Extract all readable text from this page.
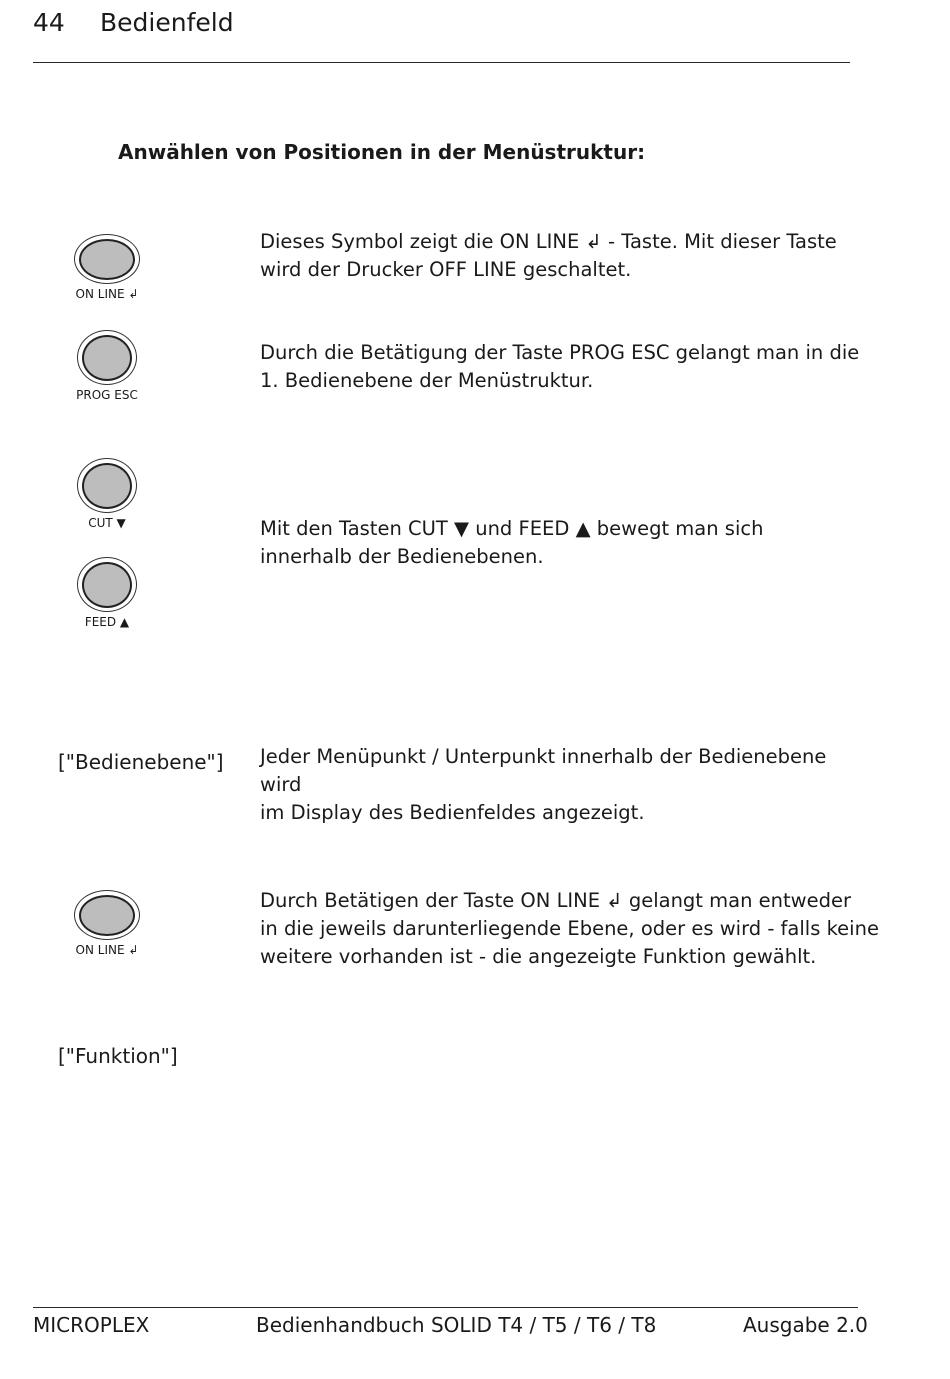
44 Bedienfeld
Anwählen von Positionen in der Menüstruktur:
ON LINE ↲
Dieses Symbol zeigt die ON LINE ↲ - Taste. Mit dieser Taste
wird der Drucker OFF LINE geschaltet.
PROG ESC
Durch die Betätigung der Taste PROG ESC gelangt man in die
1. Bedienebene der Menüstruktur.
CUT ▼
FEED ▲
Mit den Tasten CUT ▼ und FEED ▲ bewegt man sich
innerhalb der Bedienebenen.
["Bedienebene"] Jeder Menüpunkt / Unterpunkt innerhalb der Bedienebene wird
im Display des Bedienfeldes angezeigt.
ON LINE ↲
Durch Betätigen der Taste ON LINE ↲ gelangt man entweder
in die jeweils darunterliegende Ebene, oder es wird - falls keine
weitere vorhanden ist - die angezeigte Funktion gewählt.
["Funktion"]
MICROPLEX	Bedienhandbuch SOLID T4 / T5 / T6 / T8	Ausgabe 2.0
